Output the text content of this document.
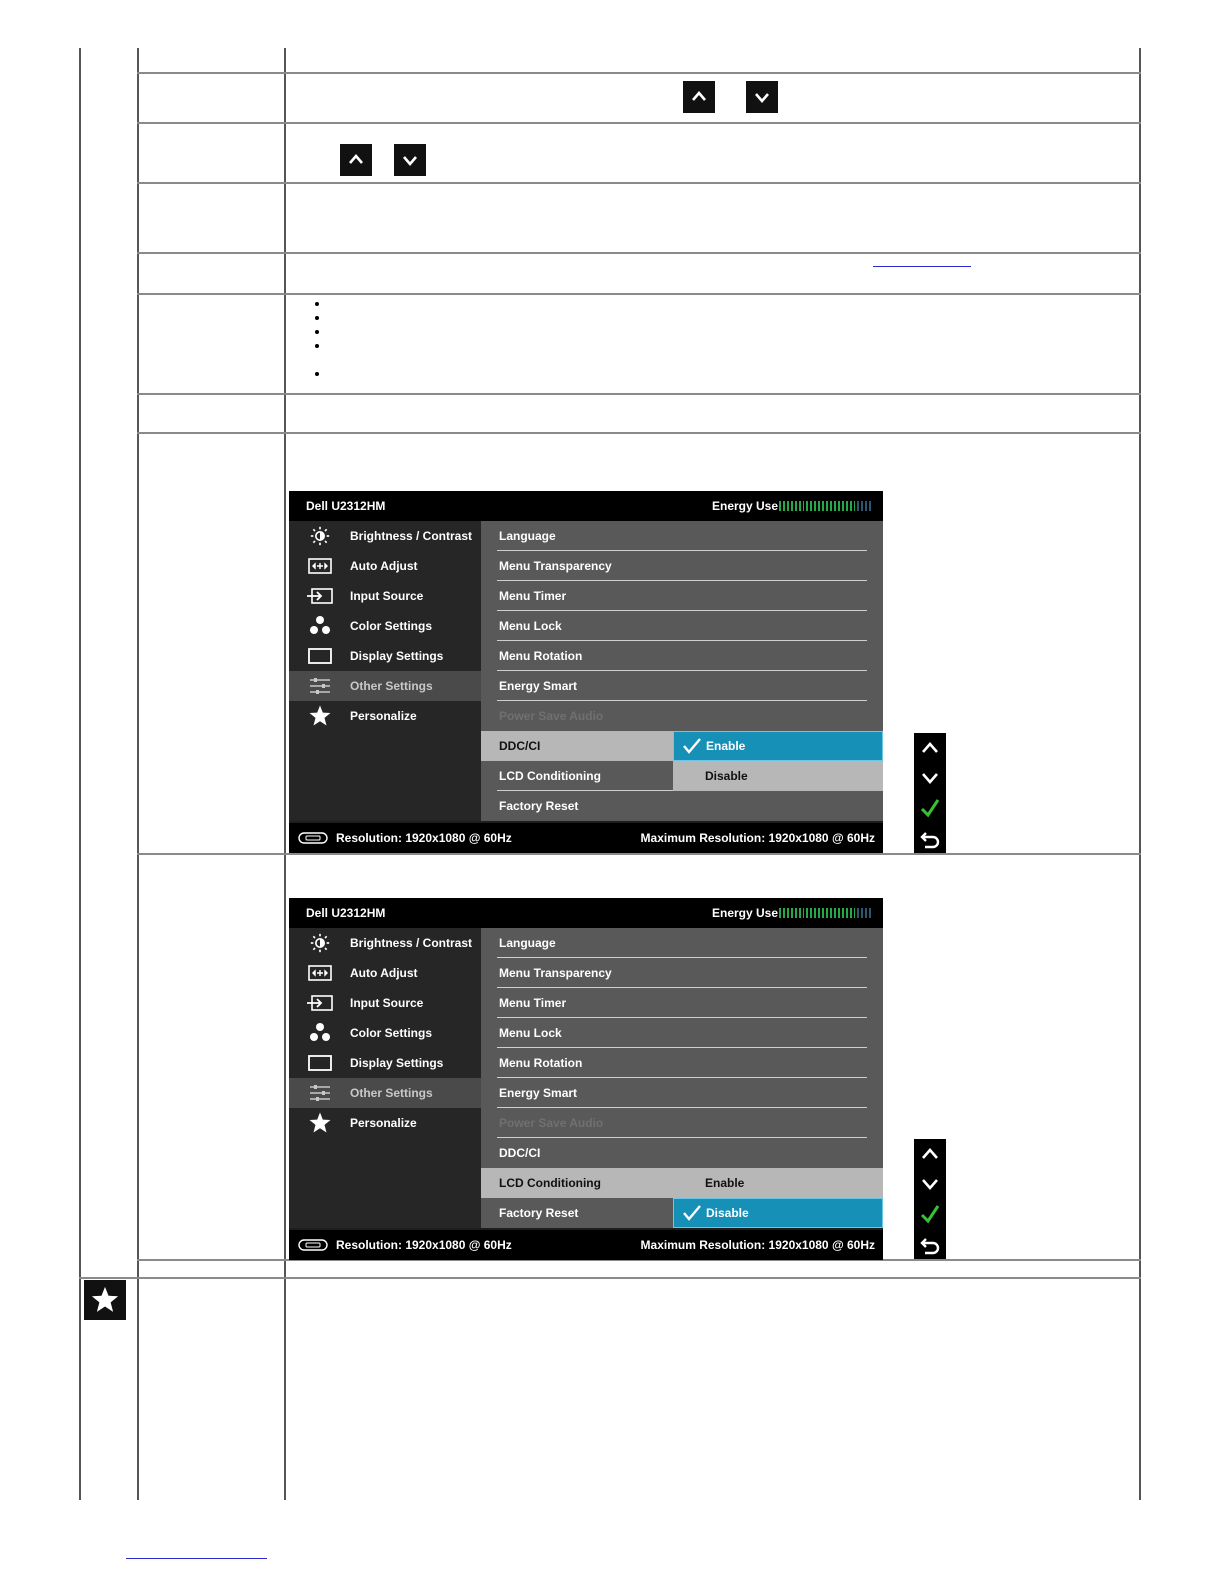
Dell U2312HM	Energy Use
Brightness / Contrast
Auto Adjust
Input Source
Color Settings
Display Settings
Other Settings
Personalize
Language
Menu Transparency
Menu Timer
Menu Lock
Menu Rotation
Energy Smart
Power Save Audio
LCD Conditioning
Factory Reset
DDC/CI	Enable
Disable
Resolution: 1920x1080 @ 60Hz	Maximum Resolution: 1920x1080 @ 60Hz
Dell U2312HM	Energy Use
Brightness / Contrast
Auto Adjust
Input Source
Color Settings
Display Settings
Other Settings
Personalize
Language
Menu Transparency
Menu Timer
Menu Lock
Menu Rotation
Energy Smart
Power Save Audio
DDC/CI
Factory Reset
LCD Conditioning	Enable
Disable
Resolution: 1920x1080 @ 60Hz	Maximum Resolution: 1920x1080 @ 60Hz
